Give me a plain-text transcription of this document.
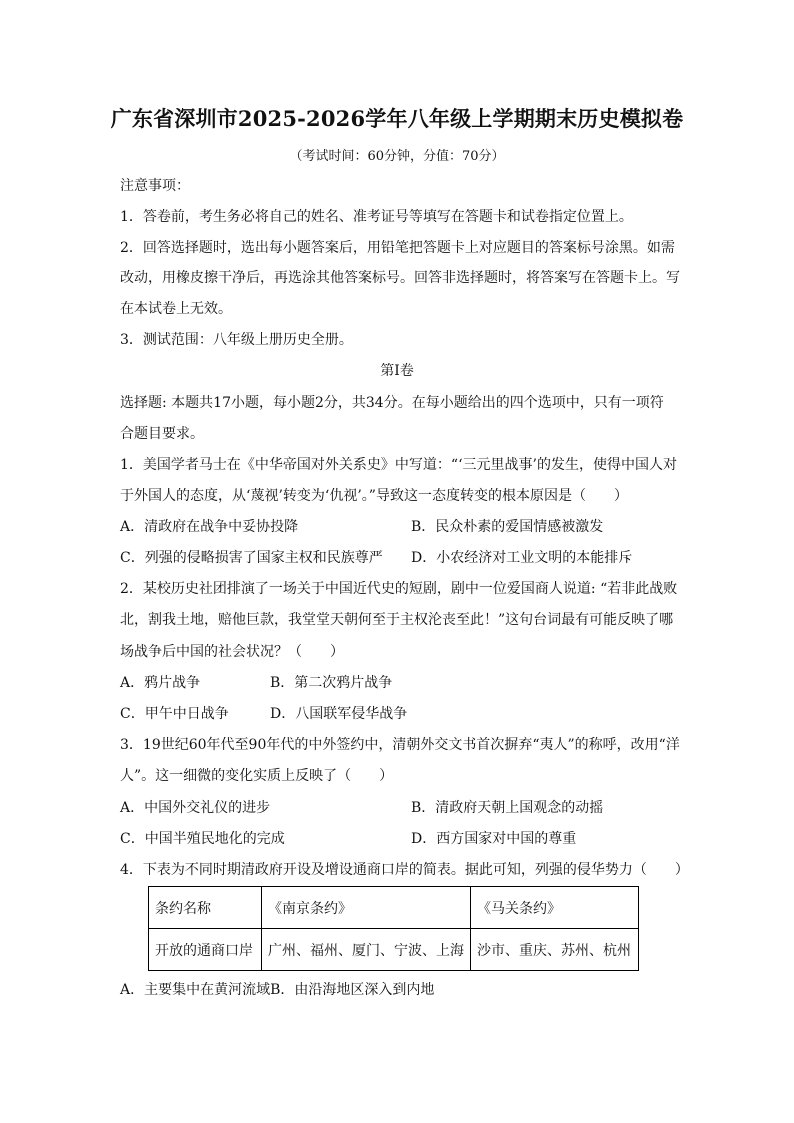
广东省深圳市2025-2026学年八年级上学期期末历史模拟卷
（考试时间：60分钟，分值：70分）
注意事项：
1．答卷前，考生务必将自己的姓名、准考证号等填写在答题卡和试卷指定位置上。
2．回答选择题时，选出每小题答案后，用铅笔把答题卡上对应题目的答案标号涂黑。如需
改动，用橡皮擦干净后，再选涂其他答案标号。回答非选择题时，将答案写在答题卡上。写
在本试卷上无效。
3．测试范围：八年级上册历史全册。
第Ⅰ卷
选择题: 本题共17小题，每小题2分，共34分。在每小题给出的四个选项中，只有一项符
合题目要求。
1．美国学者马士在《中华帝国对外关系史》中写道：“‘三元里战事’的发生，使得中国人对
于外国人的态度，从‘蔑视’转变为‘仇视’。”导致这一态度转变的根本原因是（　　）
A．清政府在战争中妥协投降	B．民众朴素的爱国情感被激发
C．列强的侵略损害了国家主权和民族尊严 D．小农经济对工业文明的本能排斥
2．某校历史社团排演了一场关于中国近代史的短剧，剧中一位爱国商人说道: “若非此战败
北，割我土地，赔他巨款，我堂堂天朝何至于主权沦丧至此！”这句台词最有可能反映了哪
场战争后中国的社会状况？（　　）
A．鸦片战争	B．第二次鸦片战争
C．甲午中日战争	D．八国联军侵华战争
3．19世纪60年代至90年代的中外签约中，清朝外交文书首次摒弃“夷人”的称呼，改用“洋
人”。这一细微的变化实质上反映了（　　）
A．中国外交礼仪的进步	B．清政府天朝上国观念的动摇
C．中国半殖民地化的完成	D．西方国家对中国的尊重
4．下表为不同时期清政府开设及增设通商口岸的简表。据此可知，列强的侵华势力（　　）
条约名称	《南京条约》	《马关条约》
开放的通商口岸	广州、福州、厦门、宁波、上海	沙市、重庆、苏州、杭州
A．主要集中在黄河流域B．由沿海地区深入到内地
